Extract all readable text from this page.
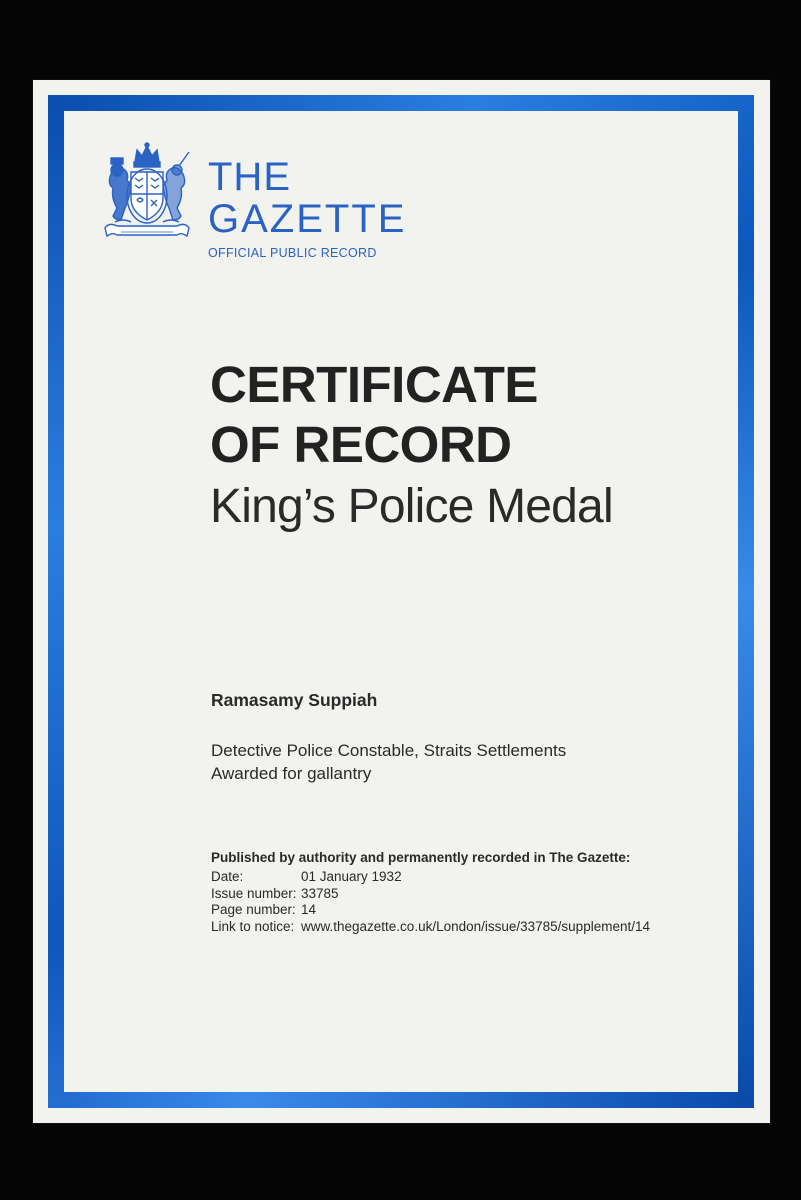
THE

GAZETTE

OFFICIAL PUBLIC RECORD

CERTIFICATE
OF RECORD
King’s Police Medal

Ramasamy Suppiah

Detective Police Constable, Straits Settlements

Awarded for gallantry

Published by authority and permanently recorded in The Gazette:

Date:	01 January 1932
Issue number: 33785
Page number: 14
Link to notice: www.thegazette.co.uk/London/issue/33785/supplement/14
